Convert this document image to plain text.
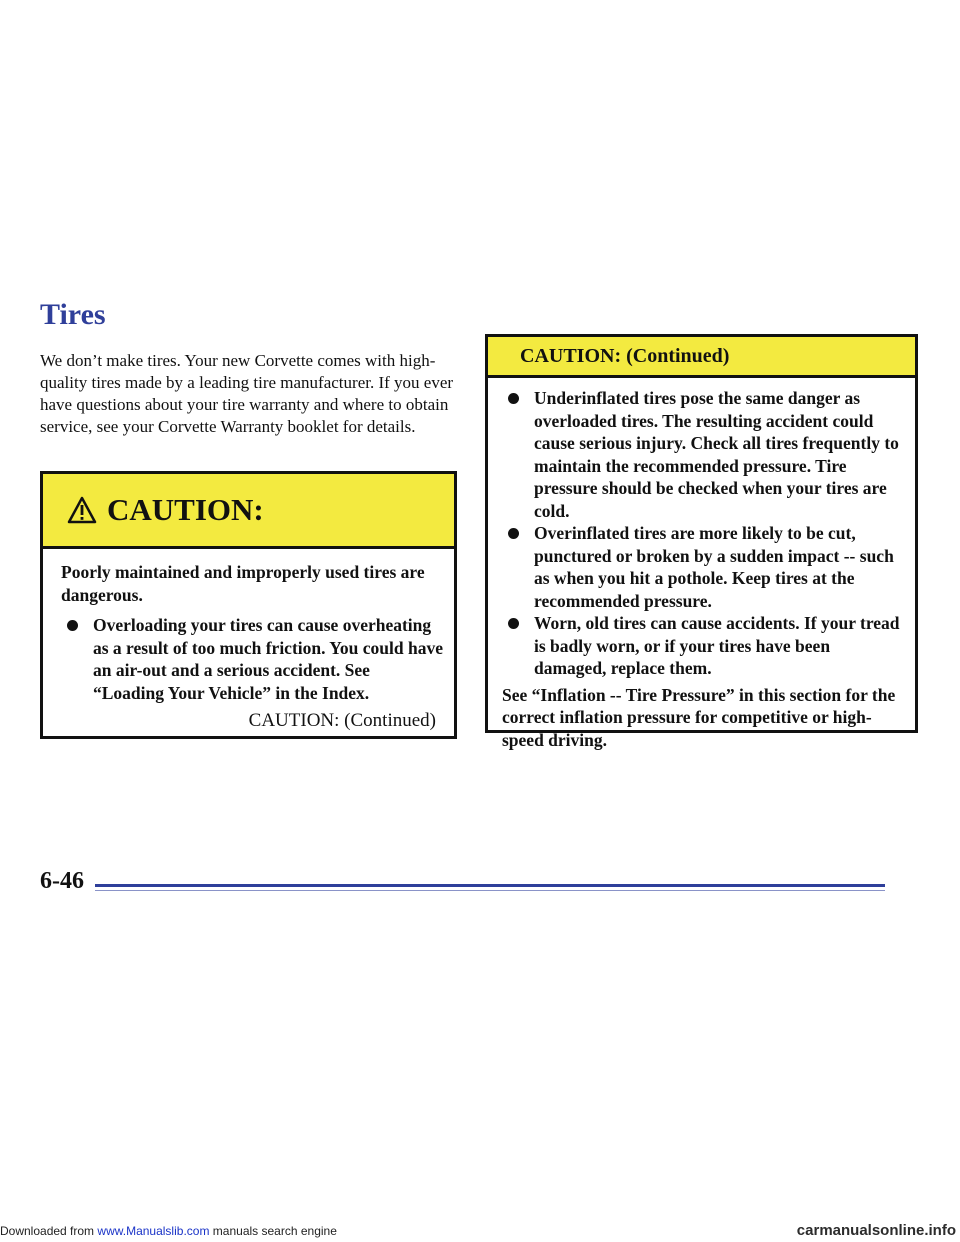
Tires

We don’t make tires. Your new Corvette comes with high-quality tires made by a leading tire manufacturer. If you ever have questions about your tire warranty and where to obtain service, see your Corvette Warranty booklet for details.

CAUTION:

Poorly maintained and improperly used tires are dangerous.

Overloading your tires can cause overheating as a result of too much friction. You could have an air-out and a serious accident. See “Loading Your Vehicle” in the Index.

CAUTION: (Continued)
CAUTION: (Continued)

Underinflated tires pose the same danger as overloaded tires. The resulting accident could cause serious injury. Check all tires frequently to maintain the recommended pressure. Tire pressure should be checked when your tires are cold.

Overinflated tires are more likely to be cut, punctured or broken by a sudden impact -- such as when you hit a pothole. Keep tires at the recommended pressure.

Worn, old tires can cause accidents. If your tread is badly worn, or if your tires have been damaged, replace them.

See “Inflation -- Tire Pressure” in this section for the correct inflation pressure for competitive or high-speed driving.

6-46
Downloaded from www.Manualslib.com manuals search engine	carmanualsonline.info
